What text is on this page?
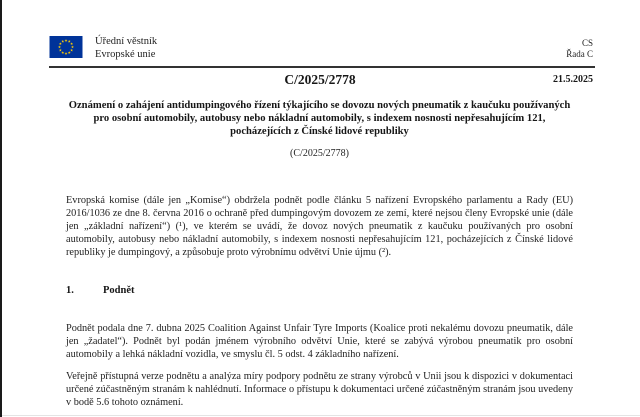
Úřední věstník
Evropské unie
CS
Řada C
C/2025/2778	21.5.2025
Oznámení o zahájení antidumpingového řízení týkajícího se dovozu nových pneumatik z kaučuku používaných pro osobní automobily, autobusy nebo nákladní automobily, s indexem nosnosti nepřesahujícím 121, pocházejících z Čínské lidové republiky
(C/2025/2778)

Evropská komise (dále jen „Komise“) obdržela podnět podle článku 5 nařízení Evropského parlamentu a Rady (EU) 2016/1036 ze dne 8. června 2016 o ochraně před dumpingovým dovozem ze zemí, které nejsou členy Evropské unie (dále jen „základní nařízení“) (¹), ve kterém se uvádí, že dovoz nových pneumatik z kaučuku používaných pro osobní automobily, autobusy nebo nákladní automobily, s indexem nosnosti nepřesahujícím 121, pocházejících z Čínské lidové republiky je dumpingový, a způsobuje proto výrobnímu odvětví Unie újmu (²).

1.	Podnět

Podnět podala dne 7. dubna 2025 Coalition Against Unfair Tyre Imports (Koalice proti nekalému dovozu pneumatik, dále jen „žadatel“). Podnět byl podán jménem výrobního odvětví Unie, které se zabývá výrobou pneumatik pro osobní automobily a lehká nákladní vozidla, ve smyslu čl. 5 odst. 4 základního nařízení.

Veřejně přístupná verze podnětu a analýza míry podpory podnětu ze strany výrobců v Unii jsou k dispozici v dokumentaci určené zúčastněným stranám k nahlédnutí. Informace o přístupu k dokumentaci určené zúčastněným stranám jsou uvedeny v bodě 5.6 tohoto oznámení.
